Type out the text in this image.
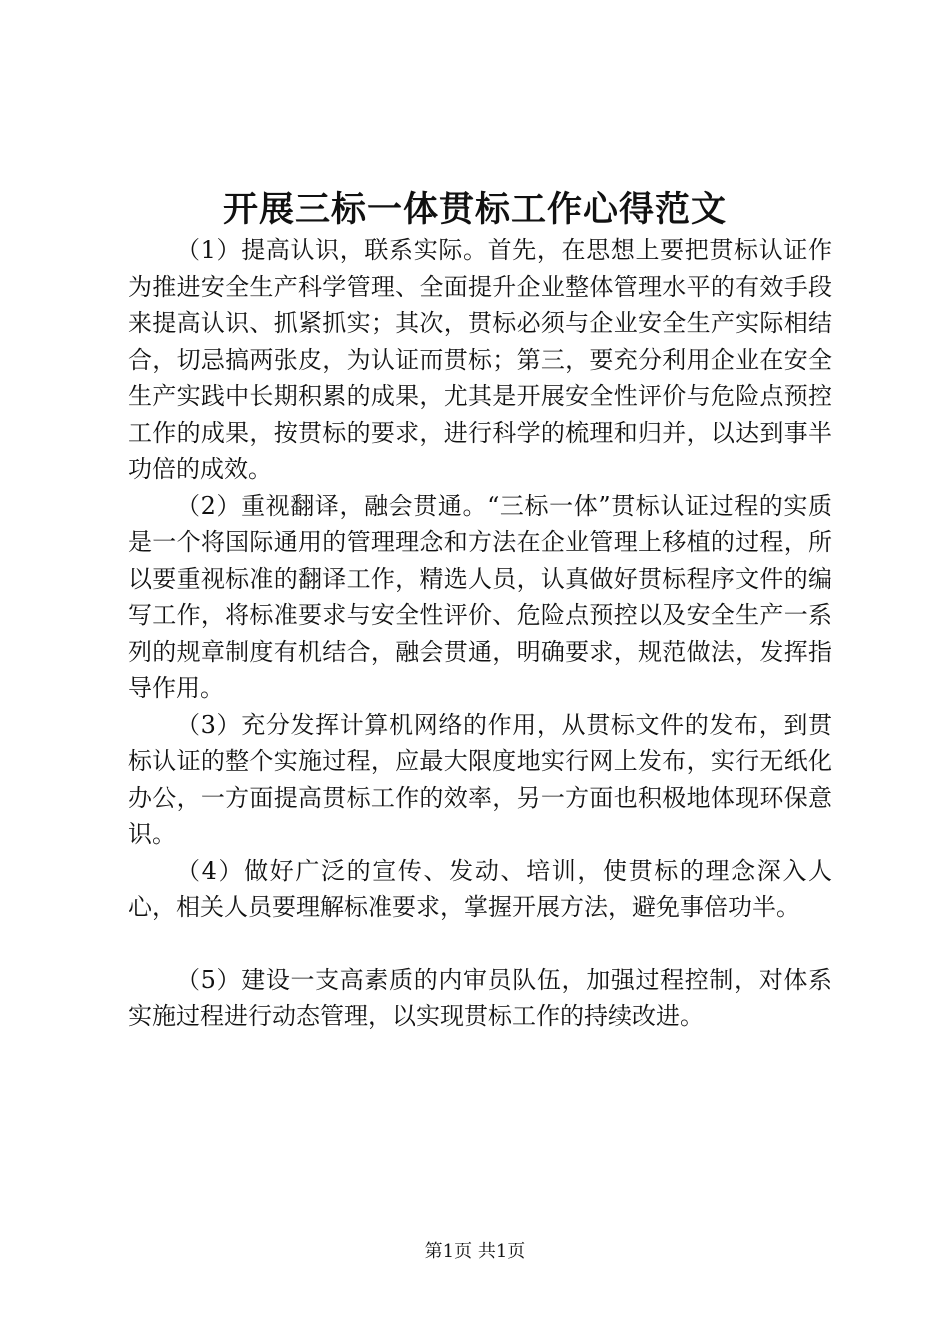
开展三标一体贯标工作心得范文

（1）提高认识，联系实际。首先，在思想上要把贯标认证作为推进安全生产科学管理、全面提升企业整体管理水平的有效手段来提高认识、抓紧抓实；其次，贯标必须与企业安全生产实际相结合，切忌搞两张皮，为认证而贯标；第三，要充分利用企业在安全生产实践中长期积累的成果，尤其是开展安全性评价与危险点预控工作的成果，按贯标的要求，进行科学的梳理和归并，以达到事半功倍的成效。

（2）重视翻译，融会贯通。“三标一体”贯标认证过程的实质是一个将国际通用的管理理念和方法在企业管理上移植的过程，所以要重视标准的翻译工作，精选人员，认真做好贯标程序文件的编写工作，将标准要求与安全性评价、危险点预控以及安全生产一系列的规章制度有机结合，融会贯通，明确要求，规范做法，发挥指导作用。

（3）充分发挥计算机网络的作用，从贯标文件的发布，到贯标认证的整个实施过程，应最大限度地实行网上发布，实行无纸化办公，一方面提高贯标工作的效率，另一方面也积极地体现环保意识。

（4）做好广泛的宣传、发动、培训，使贯标的理念深入人心，相关人员要理解标准要求，掌握开展方法，避免事倍功半。

（5）建设一支高素质的内审员队伍，加强过程控制，对体系实施过程进行动态管理，以实现贯标工作的持续改进。

第1页 共1页
